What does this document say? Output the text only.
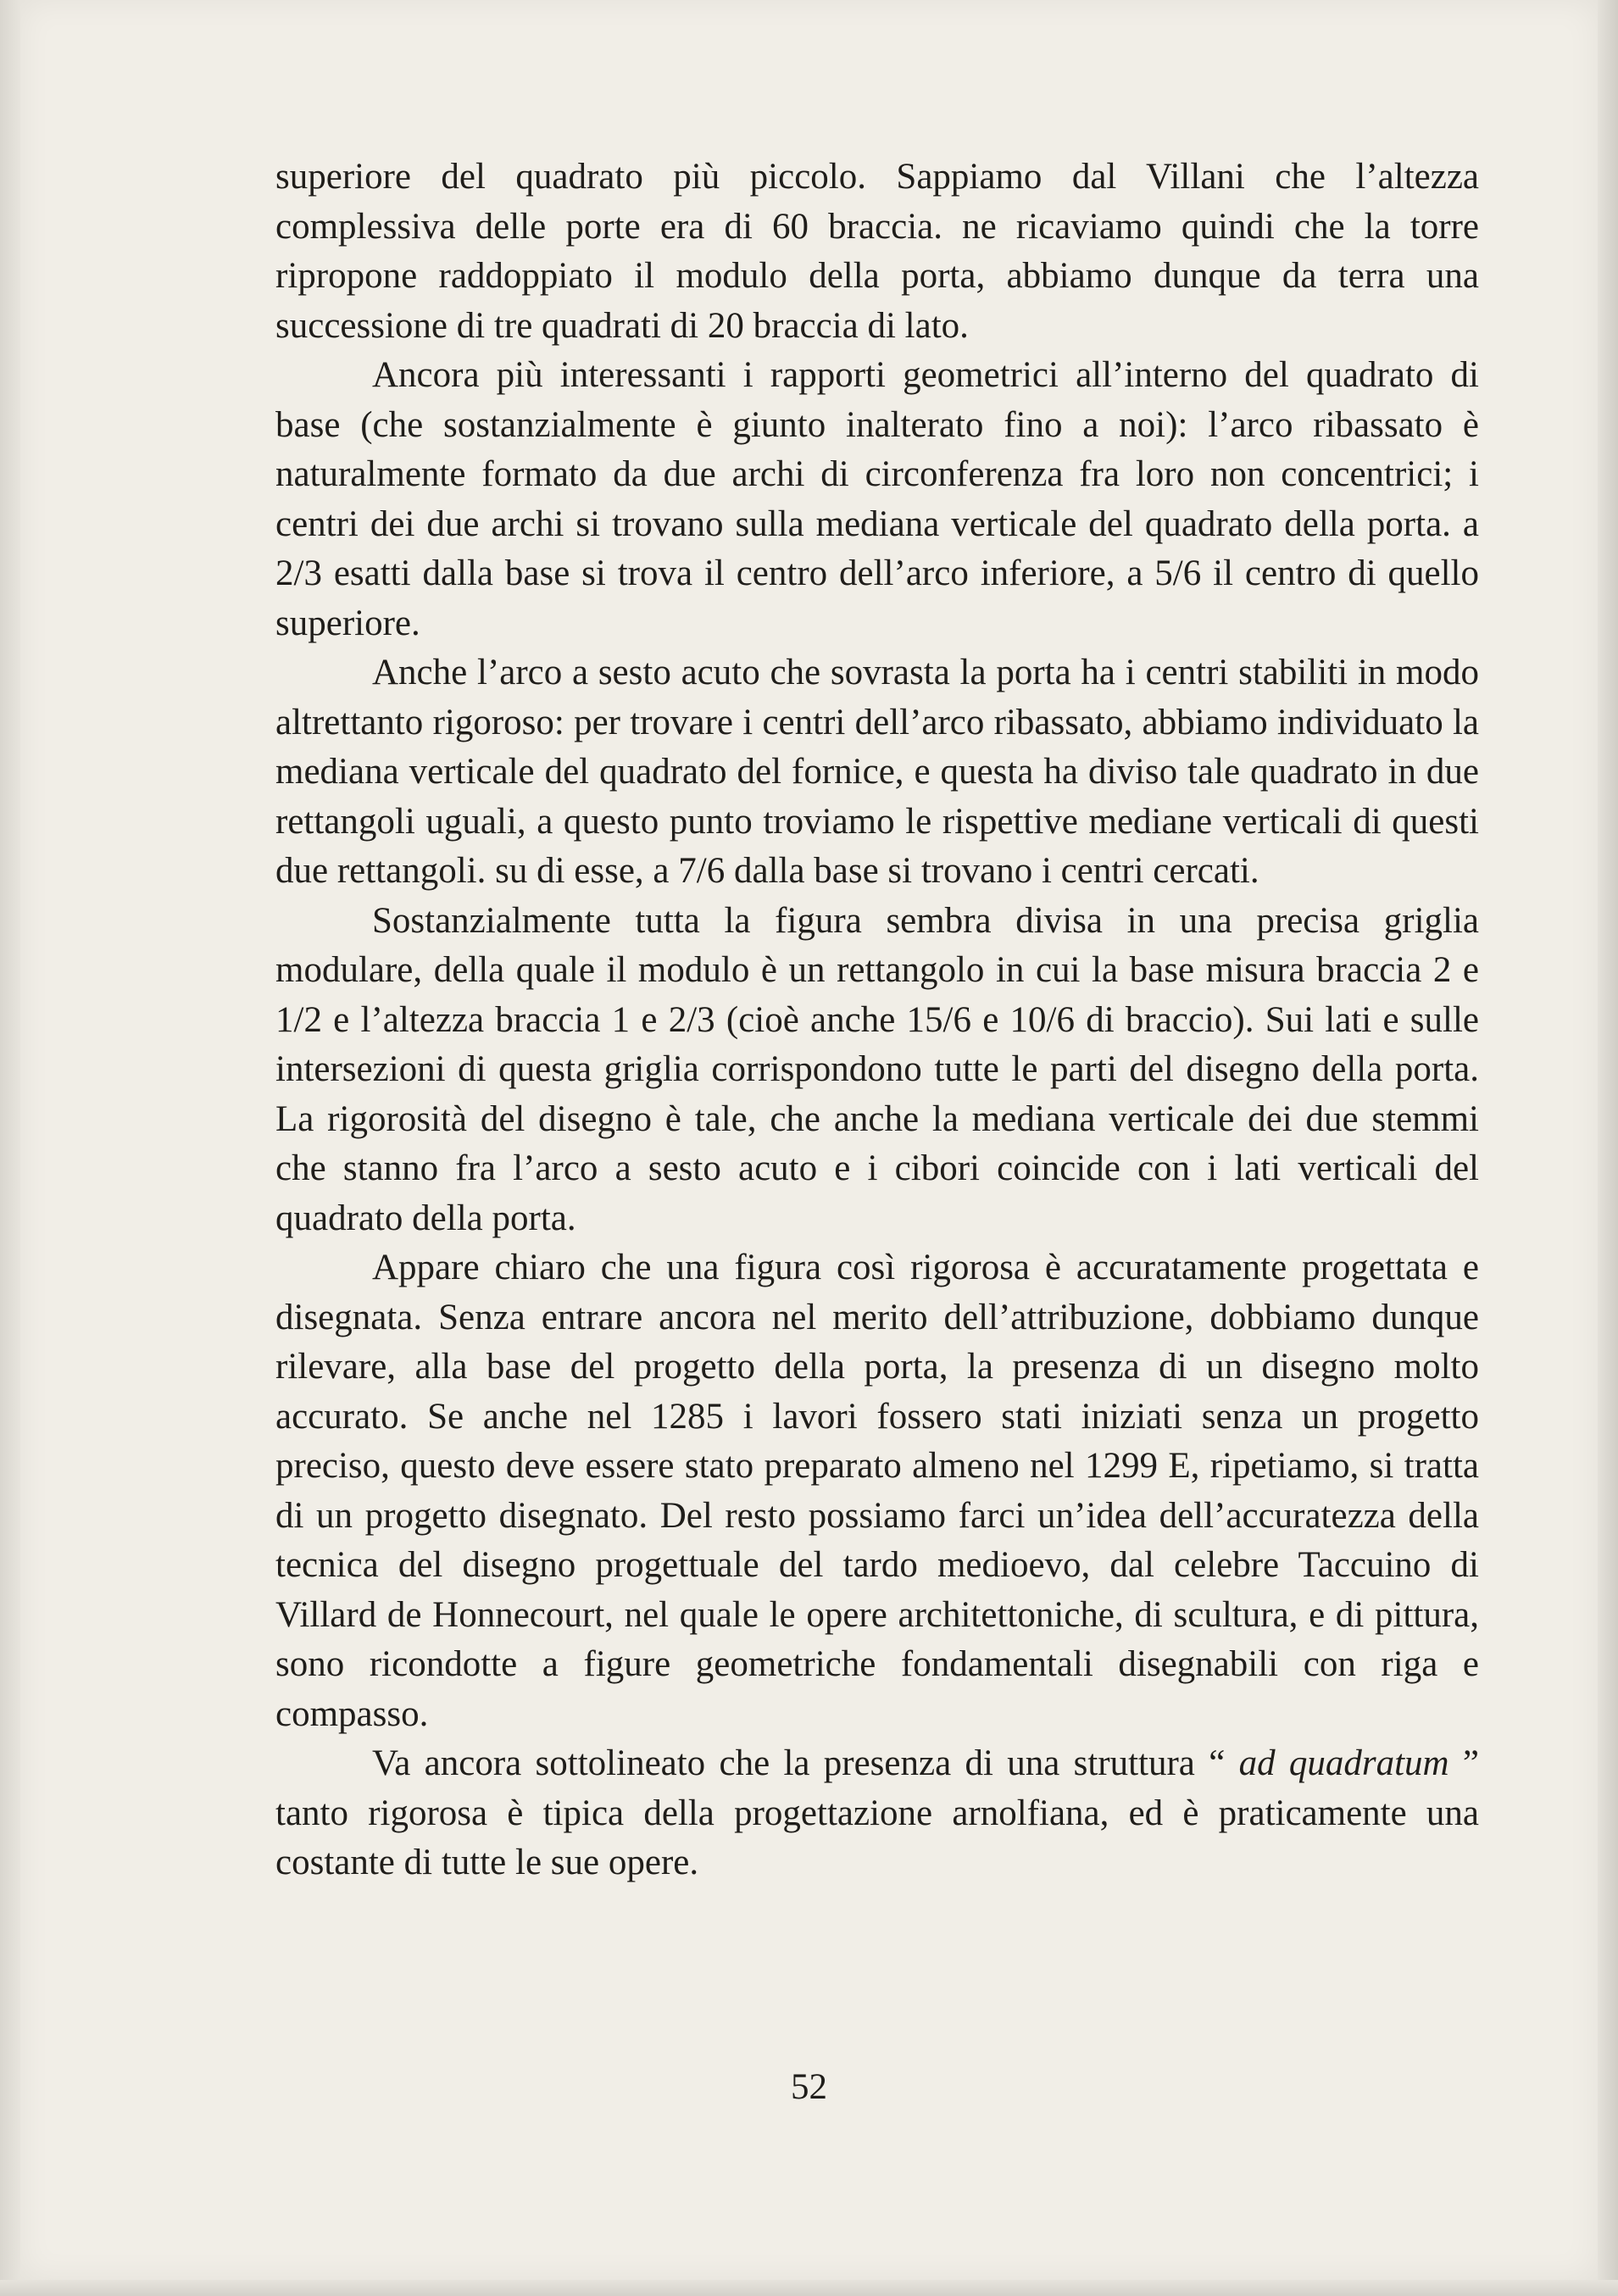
superiore del quadrato più piccolo. Sappiamo dal Villani che l’altezza complessiva delle porte era di 60 braccia. ne ricaviamo quindi che la torre ripropone raddoppiato il modulo della porta, abbiamo dunque da terra una successione di tre quadrati di 20 braccia di lato.

Ancora più interessanti i rapporti geometrici all’interno del quadrato di base (che sostanzialmente è giunto inalterato fino a noi): l’arco ribassato è naturalmente formato da due archi di circonferenza fra loro non concentrici; i centri dei due archi si trovano sulla mediana verticale del quadrato della porta. a 2/3 esatti dalla base si trova il centro dell’arco inferiore, a 5/6 il centro di quello superiore.

Anche l’arco a sesto acuto che sovrasta la porta ha i centri stabiliti in modo altrettanto rigoroso: per trovare i centri dell’arco ribassato, abbiamo individuato la mediana verticale del quadrato del fornice, e questa ha diviso tale quadrato in due rettangoli uguali, a questo punto troviamo le rispettive mediane verticali di questi due rettangoli. su di esse, a 7/6 dalla base si trovano i centri cercati.

Sostanzialmente tutta la figura sembra divisa in una precisa griglia modulare, della quale il modulo è un rettangolo in cui la base misura braccia 2 e 1/2 e l’altezza braccia 1 e 2/3 (cioè anche 15/6 e 10/6 di braccio). Sui lati e sulle intersezioni di questa griglia corrispondono tutte le parti del disegno della porta. La rigorosità del disegno è tale, che anche la mediana verticale dei due stemmi che stanno fra l’arco a sesto acuto e i cibori coincide con i lati verticali del quadrato della porta.

Appare chiaro che una figura così rigorosa è accuratamente progettata e disegnata. Senza entrare ancora nel merito dell’attribuzione, dobbiamo dunque rilevare, alla base del progetto della porta, la presenza di un disegno molto accurato. Se anche nel 1285 i lavori fossero stati iniziati senza un progetto preciso, questo deve essere stato preparato almeno nel 1299 E, ripetiamo, si tratta di un progetto disegnato. Del resto possiamo farci un’idea dell’accuratezza della tecnica del disegno progettuale del tardo medioevo, dal celebre Taccuino di Villard de Honnecourt, nel quale le opere architettoniche, di scultura, e di pittura, sono ricondotte a figure geometriche fondamentali disegnabili con riga e compasso.

Va ancora sottolineato che la presenza di una struttura “ ad quadratum ” tanto rigorosa è tipica della progettazione arnolfiana, ed è praticamente una costante di tutte le sue opere.

52
